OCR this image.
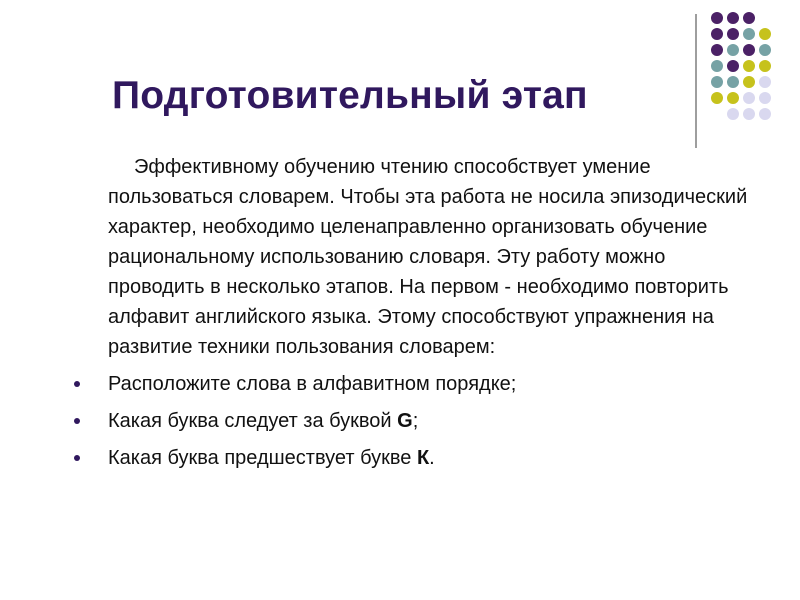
Подготовительный этап

Эффективному обучению чтению способствует умение пользоваться словарем. Чтобы эта работа не носила эпизодический характер, необходимо целенаправленно организовать обучение рациональному использованию словаря. Эту работу можно проводить в несколько этапов. На первом - необходимо повторить алфавит английского языка. Этому способствуют упражнения на развитие техники пользования словарем:

Расположите слова в алфавитном порядке;
Какая буква следует за буквой G;
Какая буква предшествует букве К.
